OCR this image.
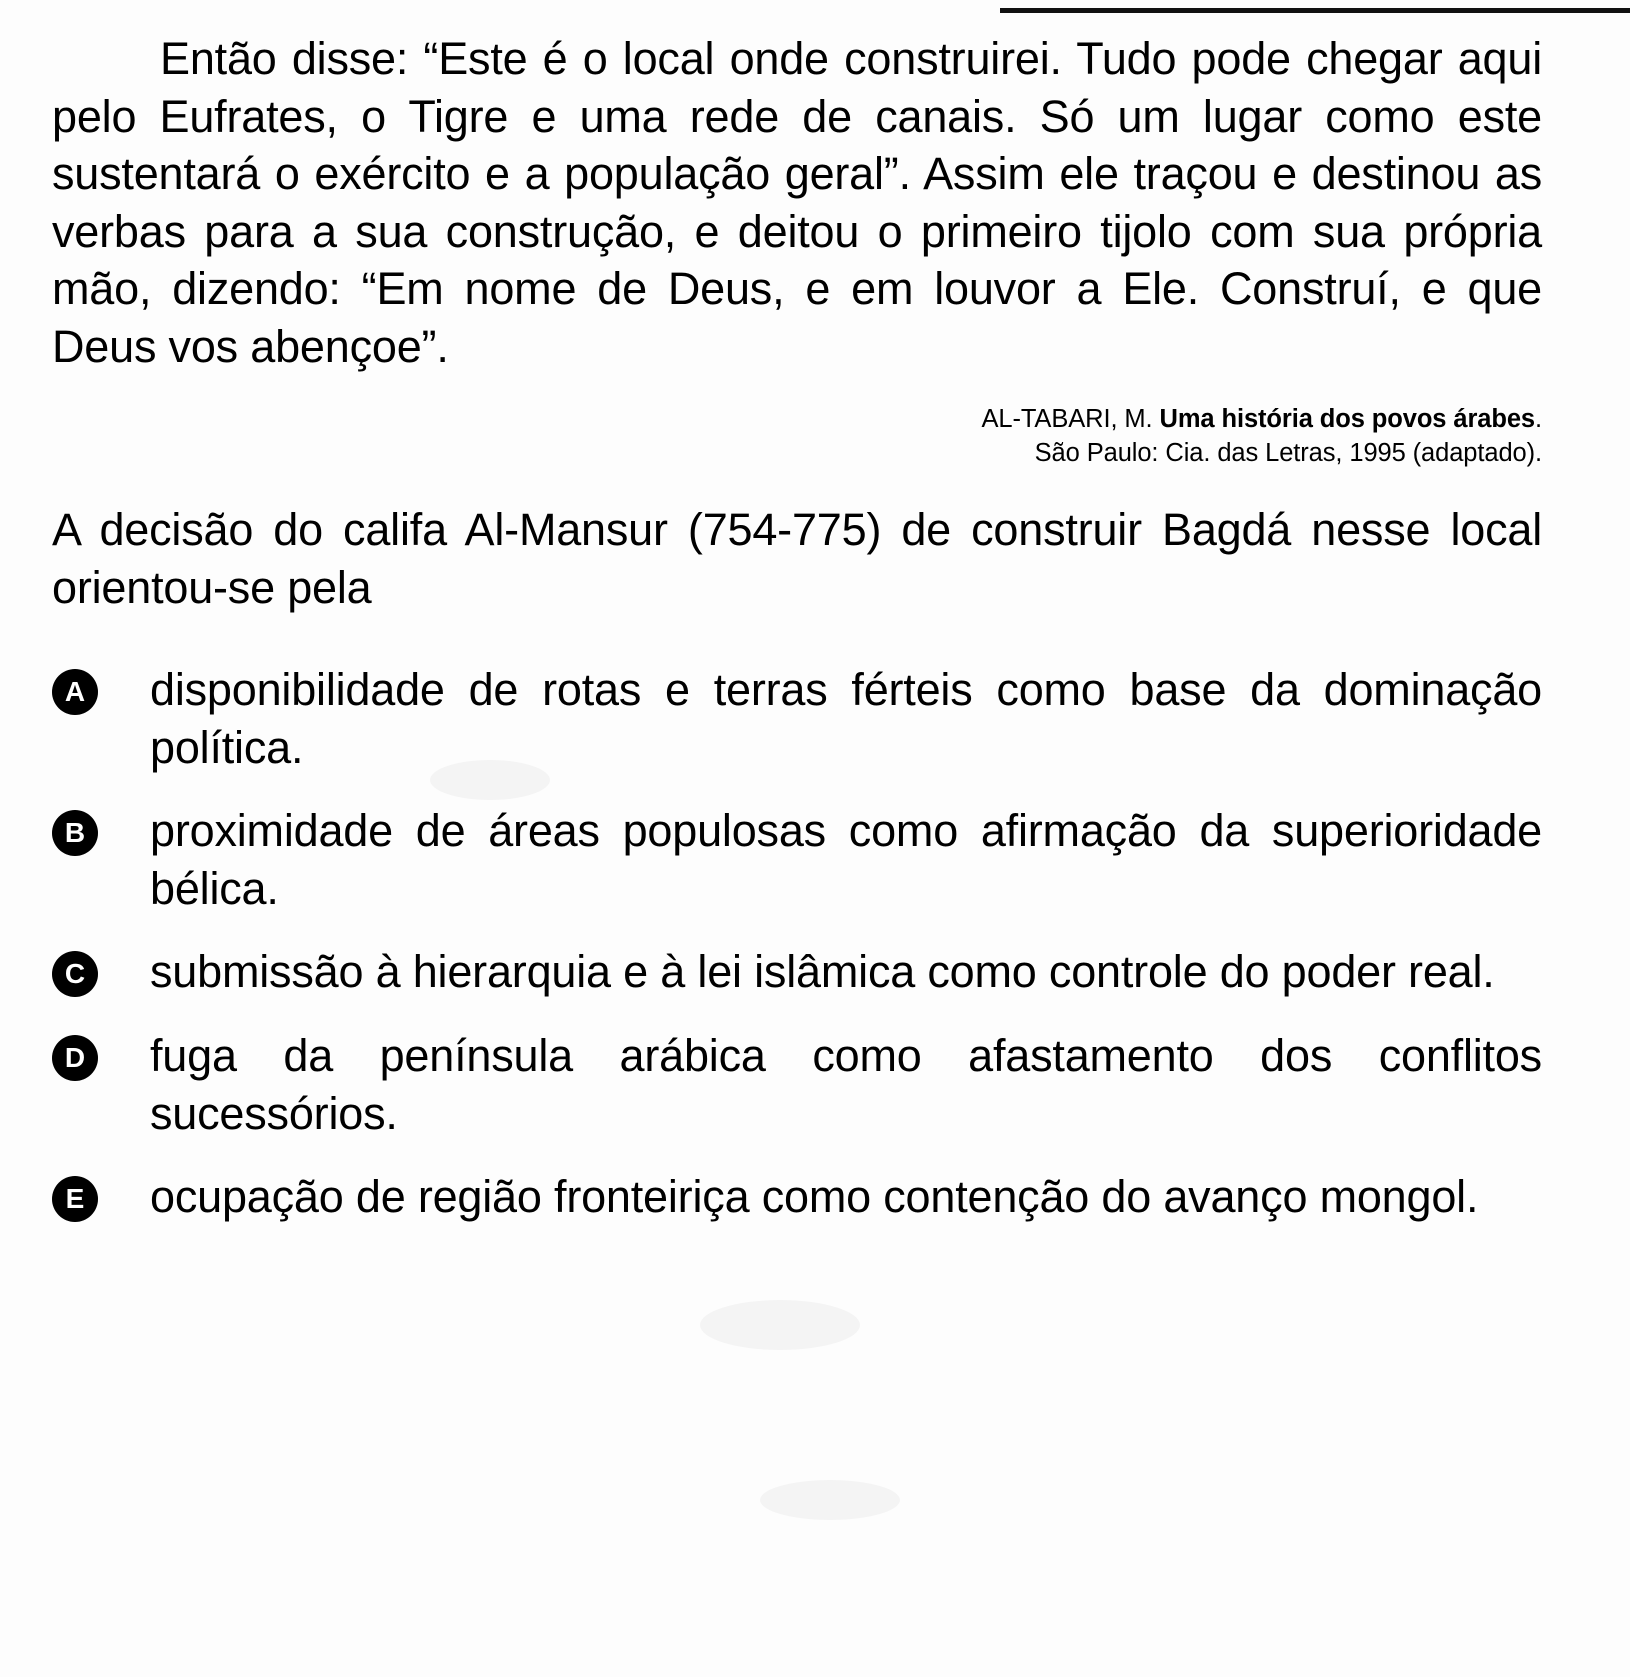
Então disse: “Este é o local onde construirei. Tudo pode chegar aqui pelo Eufrates, o Tigre e uma rede de canais. Só um lugar como este sustentará o exército e a população geral”. Assim ele traçou e destinou as verbas para a sua construção, e deitou o primeiro tijolo com sua própria mão, dizendo: “Em nome de Deus, e em louvor a Ele. Construí, e que Deus vos abençoe”.

AL-TABARI, M. Uma história dos povos árabes.
São Paulo: Cia. das Letras, 1995 (adaptado).

A decisão do califa Al-Mansur (754-775) de construir Bagdá nesse local orientou-se pela

A	disponibilidade de rotas e terras férteis como base da dominação política.
B	proximidade de áreas populosas como afirmação da superioridade bélica.
C	submissão à hierarquia e à lei islâmica como controle do poder real.
D	fuga da península arábica como afastamento dos conflitos sucessórios.
E	ocupação de região fronteiriça como contenção do avanço mongol.
